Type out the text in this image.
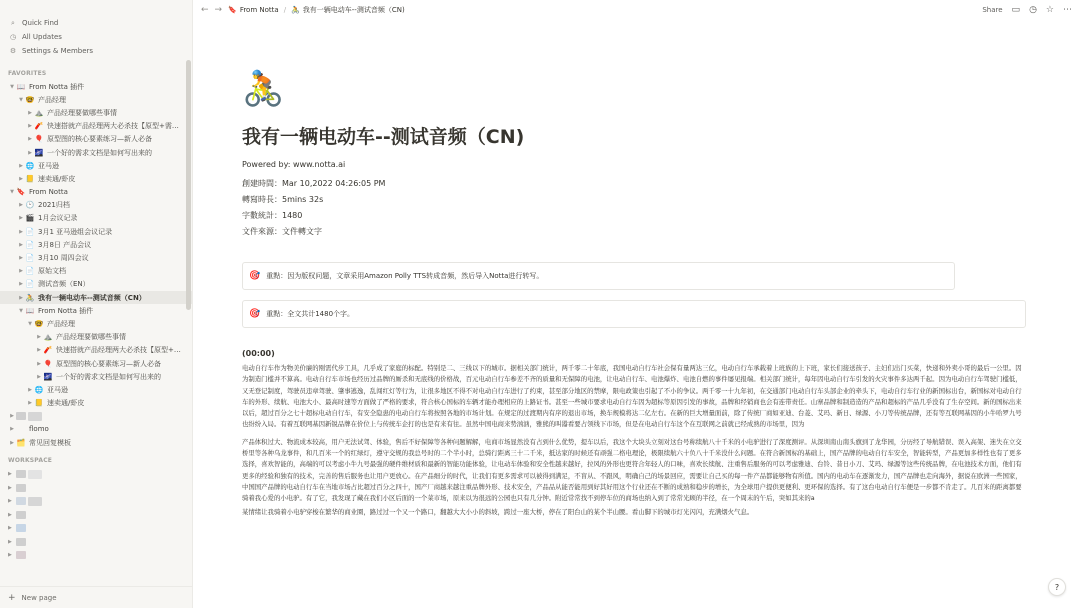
⌕	Quick Find
◷ All Updates
⚙ Settings & Members
FAVORITES
▼ 📖 From Notta 插件
▼ 🤓 产品经理
▶ ⛰️ 产品经理要做哪些事情
▶ 🧨 快速搭就产品经理两大必杀技【原型+需…
▶ 🎈 原型图的核心要素练习—新人必备
▶ 🌌 一个好的需求文档是如何写出来的
▶ 🌐 亚马逊
▶ 📒 速卖通/虾皮
▼ 🔖 From Notta
▶ 🕑 2021归档
▶ 🎬 1月会议记录
▶ 📄 3月1 亚马逊组会议记录
▶ 📄 3月8日 产品会议
▶ 📄 3月10 周四会议
▶ 📄 原始文档
▶ 📄 测试音频（EN）
▶ 🚴 我有一辆电动车--测试音频（CN）
▼ 📖 From Notta 插件
▼ 🤓 产品经理
▶ ⛰️ 产品经理要做哪些事情
▶ 🧨 快速搭就产品经理两大必杀技【原型+…
▶ 🎈 原型图的核心要素练习—新人必备
▶ 🌌 一个好的需求文档是如何写出来的
▶ 🌐 亚马逊
▶ 📒 速卖通/虾皮
▶
▶ flomo
▶ 🗂️ 常见回复模板
WORKSPACE
▶
▶
▶
▶
▶
▶
▶
+ New page
← → 🔖 From Notta / 🚴 我有一辆电动车--测试音频（CN)	Share ▭ ◷ ☆ ⋯
🚴
我有一辆电动车--测试音频（CN)
Powered by: www.notta.ai
創建時間： Mar 10,2022 04:26:05 PM
轉寫時長： 5mins 32s
字數統計： 1480
文件來源： 文件轉文字
🎯 重點：因为版权问题，文章采用Amazon Polly TTS转成音频，然后导入Notta进行转写。
🎯 重點：全文共计1480个字。
(00:00)
电动自行车作为物美价廉的刚需代步工具，几乎成了家庭的标配。特别是二、三线以下的城市。据相关部门统计，两千零二十年底，我国电动自行车社会保有量两达三亿，电动自行车承载着上班族的上下班，家长们接送孩子、主妇们出门买菜，快递和外卖小哥的最后一公里。因为制造门槛并不算高。电动自行车市场也经历过品牌的厮杀和无底线的价格战，百元电动自行车参差不齐的质量和无保障的电池，让电动自行车、电池爆炸、电池自燃的事件屡见报端。相关部门统计，每年因电动自行车引发的火灾事件多达两千起。因为电动自行车驾驶门槛低，又无登记制度，驾驶员违章驾驶、肇事逃逸，乱闯红灯等行为，让很多地区不得不对电动自行车进行了约束，甚至部分地区的禁摩，限电政策也引起了不小的争议。两千零一十九年初，在交通部门电动自行车头部企业的牵头下，电动自行车行业的新国标出台，新国标对电动自行车的外形、续航、电池大小、最高时速等方面做了严格的要求，符合核心国标的车辆才能办理相应的上路证书。甚至一些城市要求电动自行车因为超标等原因引发的事故，品牌和经销商也会有连带责任。山寨品牌和制造造的产品和超标的产品几乎没有了生存空间。新的国标出来以后，超过百分之七十超标电动自行车，有安全隐患的电动自行车将按照各地的市场计划。在规定的过渡期内有序的退出市场，换车规模将达二亿左右。在新的巨大增量面前，除了传统厂商如亚迪、台菱、艾玛、新日、绿源、小刀等传统品牌，还有等互联网基因的小牛哈罗九号也纷纷入局。有着互联网基因新锐品牌在价位上与传统车企打的也是有来有往。虽然中国电商来势汹汹，雅熊的叫嚣看要占领线下市场，但是在电动自行车这个在互联网之前就已经成熟的市场里，因为
产品体积过大、物流成本较高，用户无法试驾、体验，售后不好保障等各种问题解解，电商市场显然没有占到什么优势，提车以后，我这个大块头立刻对这台号称续航八十千米的小电驴进行了深度测评。从深圳南山南头旗到了龙华园，分历经了导航错误、误入高架、迷失在立交桥里等各种乌龙事件，和几百米一个的红绿灯，遵守交规的我总号时的二个半小时，总骑行距离三十二千米，抵达家的时候还有顽强二格电理论，极限续航六十负八十千米没什么问题。在符合新国标的基础上，国产品牌的电动自行车安全，智能转型，产品更加多样性也有了更多选择，喜欢智能的，高端的可以考虑小牛九号最强的硬件维材质和最新的智能功能体验，让电动车体验和安全性越来越好，拉风的外形也更符合年轻人的口味，喜欢长续航、注重售后服务的可以考虑雅迪、台铃、昔日小刀、艾玛、绿源等这些传统品牌，在电池技术方面，他们有更多的经验和独有的技术，完善的售后服务也让用户更放心。在产品细分的时代，让我们有更多需求可以被得到满足，不盲从、不跟风，明确自己的场景回应，需要让自己买的每一件产品都能够物有所值。国内的电动车在逐渐发力，国产品牌也走向海外，据说在欧洲一些国家，中国国产品牌的电动自行车在当地市场占比超过百分之四十，国产厂商越来越注重品牌外形、技术安全，产品品从能否能用到好其好用这个行业还在不断的成熟和稳步的增长，为全球用户提供更便利、更环保的选择。有了这台电动自行车便是一步都不肯走了。几百米的距离都要骑着我心爱的小电驴。有了它，我发现了藏在我们小区后面的一个菜市场，原来以为很远的公园也只有几分钟。附近常常找不到停车位的商场也纳入到了常常光顾的半径，在一个周末的午后，突如其来的a
某情绪让我骑着小电驴穿梭在繁华的商业圈，路过过一个又一个路口，翻越大大小小的斜坡，跨过一座大桥，停在了阳台山的某个半山腰。看山脚下的城市灯光闪闪，充满烟火气息。
?
